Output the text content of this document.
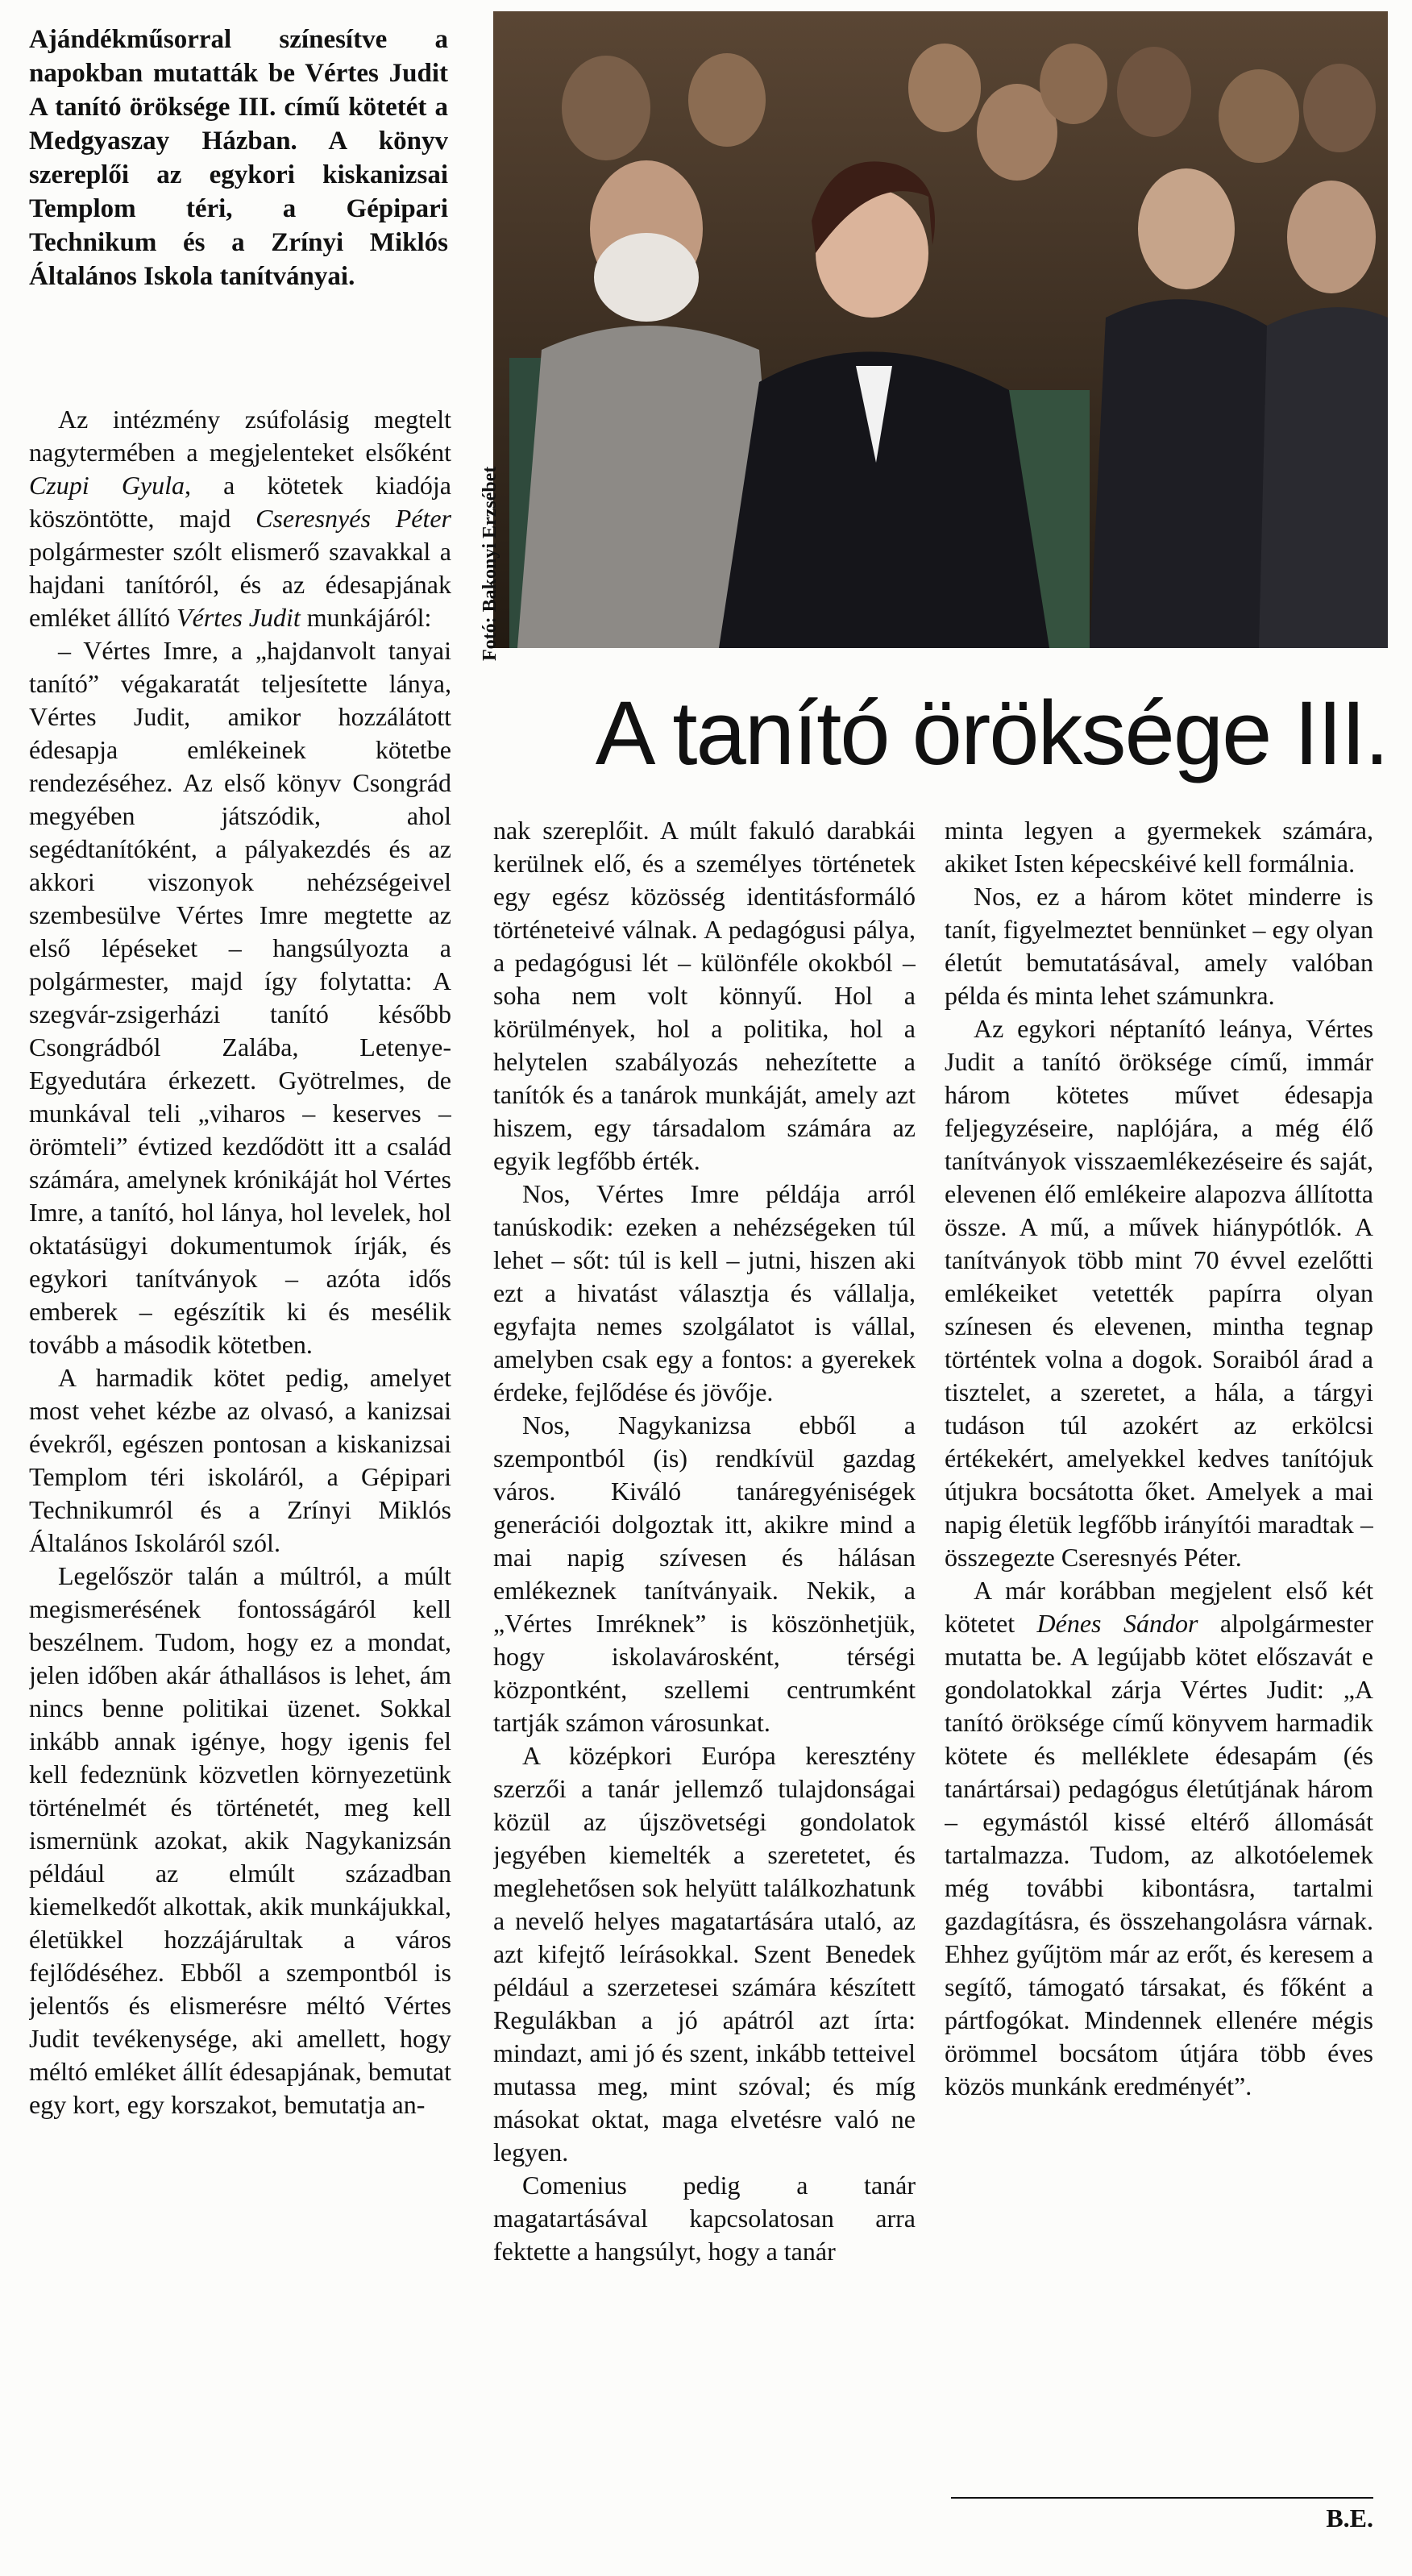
Ajándékműsorral színesítve a napokban mutatták be Vértes Judit A tanító öröksége III. című kötetét a Medgyaszay Házban. A könyv szereplői az egykori kiskanizsai Templom téri, a Gépipari Technikum és a Zrínyi Miklós Általános Iskola tanítványai.

Fotó: Bakonyi Erzsébet
A tanító öröksége III.

Az intézmény zsúfolásig megtelt nagytermében a megjelenteket elsőként Czupi Gyula, a kötetek kiadója köszöntötte, majd Cseresnyés Péter polgármester szólt elismerő szavakkal a hajdani tanítóról, és az édesapjának emléket állító Vértes Judit munkájáról:

– Vértes Imre, a „hajdanvolt tanyai tanító” végakaratát teljesítette lánya, Vértes Judit, amikor hozzálátott édesapja emlékeinek kötetbe rendezéséhez. Az első könyv Csongrád megyében játszódik, ahol segédtanítóként, a pályakezdés és az akkori viszonyok nehézségeivel szembesülve Vértes Imre megtette az első lépéseket – hangsúlyozta a polgármester, majd így folytatta: A szegvár-zsigerházi tanító később Csongrádból Zalába, Letenye-Egyedutára érkezett. Gyötrelmes, de munkával teli „viharos – keserves – örömteli” évtized kezdődött itt a család számára, amelynek krónikáját hol Vértes Imre, a tanító, hol lánya, hol levelek, hol oktatásügyi dokumentumok írják, és egykori tanítványok – azóta idős emberek – egészítik ki és mesélik tovább a második kötetben.

A harmadik kötet pedig, amelyet most vehet kézbe az olvasó, a kanizsai évekről, egészen pontosan a kiskanizsai Templom téri iskoláról, a Gépipari Technikumról és a Zrínyi Miklós Általános Iskoláról szól.

Legelőször talán a múltról, a múlt megismerésének fontosságáról kell beszélnem. Tudom, hogy ez a mondat, jelen időben akár áthallásos is lehet, ám nincs benne politikai üzenet. Sokkal inkább annak igénye, hogy igenis fel kell fedeznünk közvetlen környezetünk történelmét és történetét, meg kell ismernünk azokat, akik Nagykanizsán például az elmúlt században kiemelkedőt alkottak, akik munkájukkal, életükkel hozzájárultak a város fejlődéséhez. Ebből a szempontból is jelentős és elismerésre méltó Vértes Judit tevékenysége, aki amellett, hogy méltó emléket állít édesapjának, bemutat egy kort, egy korszakot, bemutatja an-

nak szereplőit. A múlt fakuló darabkái kerülnek elő, és a személyes történetek egy egész közösség identitásformáló történeteivé válnak. A pedagógusi pálya, a pedagógusi lét – különféle okokból – soha nem volt könnyű. Hol a körülmények, hol a politika, hol a helytelen szabályozás nehezítette a tanítók és a tanárok munkáját, amely azt hiszem, egy társadalom számára az egyik legfőbb érték.

Nos, Vértes Imre példája arról tanúskodik: ezeken a nehézségeken túl lehet – sőt: túl is kell – jutni, hiszen aki ezt a hivatást választja és vállalja, egyfajta nemes szolgálatot is vállal, amelyben csak egy a fontos: a gyerekek érdeke, fejlődése és jövője.

Nos, Nagykanizsa ebből a szempontból (is) rendkívül gazdag város. Kiváló tanáregyéniségek generációi dolgoztak itt, akikre mind a mai napig szívesen és hálásan emlékeznek tanítványaik. Nekik, a „Vértes Imréknek” is köszönhetjük, hogy iskolavárosként, térségi központként, szellemi centrumként tartják számon városunkat.

A középkori Európa keresztény szerzői a tanár jellemző tulajdonságai közül az újszövetségi gondolatok jegyében kiemelték a szeretetet, és meglehetősen sok helyütt találkozhatunk a nevelő helyes magatartására utaló, az azt kifejtő leírásokkal. Szent Benedek például a szerzetesei számára készített Regulákban a jó apátról azt írta: mindazt, ami jó és szent, inkább tetteivel mutassa meg, mint szóval; és míg másokat oktat, maga elvetésre való ne legyen.

Comenius pedig a tanár magatartásával kapcsolatosan arra fektette a hangsúlyt, hogy a tanár

minta legyen a gyermekek számára, akiket Isten képecskéivé kell formálnia.

Nos, ez a három kötet minderre is tanít, figyelmeztet bennünket – egy olyan életút bemutatásával, amely valóban példa és minta lehet számunkra.

Az egykori néptanító leánya, Vértes Judit a tanító öröksége című, immár három kötetes művet édesapja feljegyzéseire, naplójára, a még élő tanítványok visszaemlékezéseire és saját, elevenen élő emlékeire alapozva állította össze. A mű, a művek hiánypótlók. A tanítványok több mint 70 évvel ezelőtti emlékeiket vetették papírra olyan színesen és elevenen, mintha tegnap történtek volna a dogok. Soraiból árad a tisztelet, a szeretet, a hála, a tárgyi tudáson túl azokért az erkölcsi értékekért, amelyekkel kedves tanítójuk útjukra bocsátotta őket. Amelyek a mai napig életük legfőbb irányítói maradtak – összegezte Cseresnyés Péter.

A már korábban megjelent első két kötetet Dénes Sándor alpolgármester mutatta be. A legújabb kötet előszavát e gondolatokkal zárja Vértes Judit: „A tanító öröksége című könyvem harmadik kötete és melléklete édesapám (és tanártársai) pedagógus életútjának három – egymástól kissé eltérő állomását tartalmazza. Tudom, az alkotóelemek még további kibontásra, tartalmi gazdagításra, és összehangolásra várnak. Ehhez gyűjtöm már az erőt, és keresem a segítő, támogató társakat, és főként a pártfogókat. Mindennek ellenére mégis örömmel bocsátom útjára több éves közös munkánk eredményét”.

B.E.
